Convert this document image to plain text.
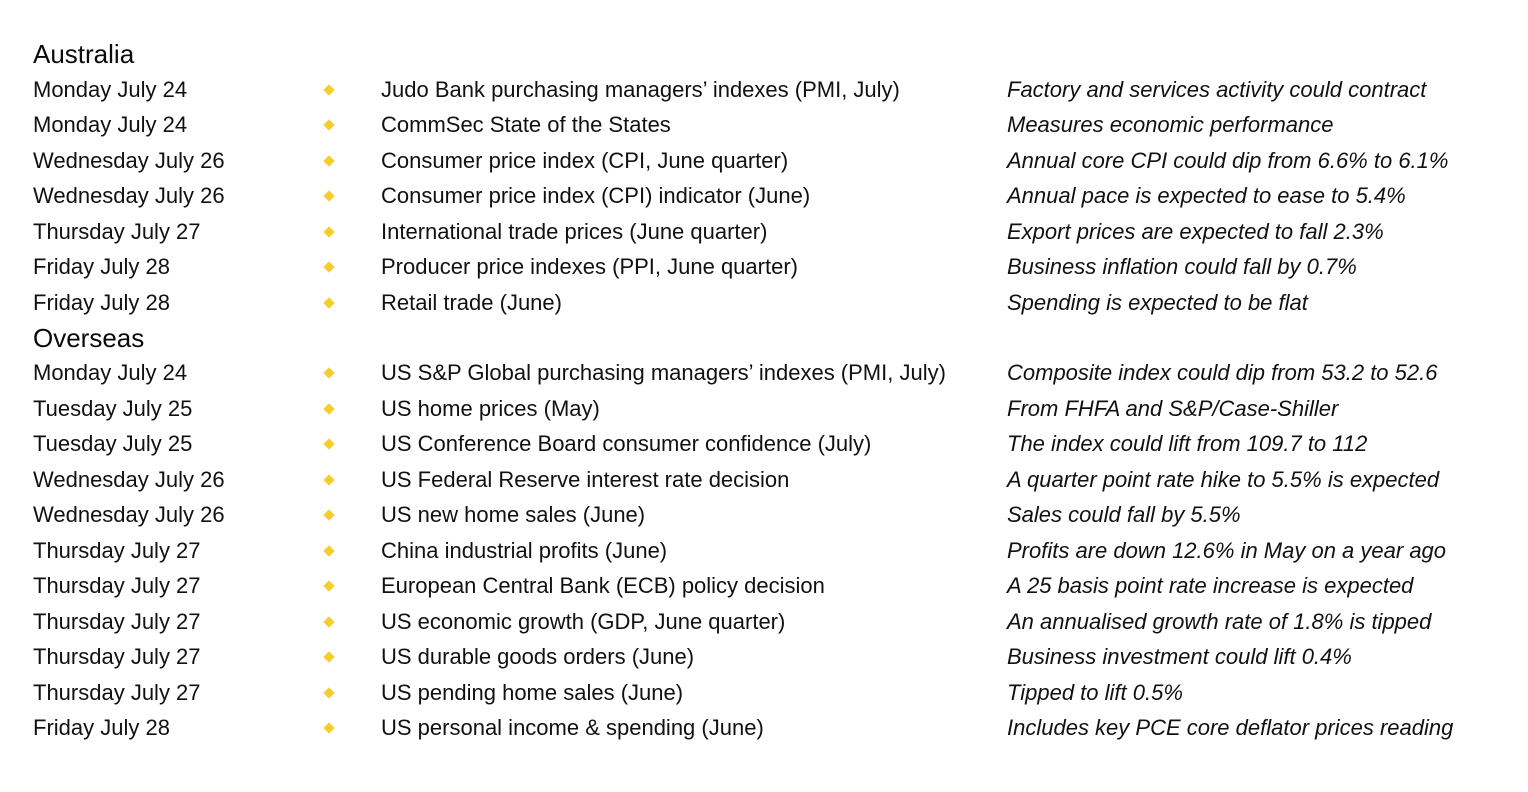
Australia
Monday July 24	Judo Bank purchasing managers’ indexes (PMI, July)	Factory and services activity could contract
Monday July 24	CommSec State of the States	Measures economic performance
Wednesday July 26	Consumer price index (CPI, June quarter)	Annual core CPI could dip from 6.6% to 6.1%
Wednesday July 26	Consumer price index (CPI) indicator (June)	Annual pace is expected to ease to 5.4%
Thursday July 27	International trade prices (June quarter)	Export prices are expected to fall 2.3%
Friday July 28	Producer price indexes (PPI, June quarter)	Business inflation could fall by 0.7%
Friday July 28	Retail trade (June)	Spending is expected to be flat
Overseas
Monday July 24	US S&P Global purchasing managers’ indexes (PMI, July)	Composite index could dip from 53.2 to 52.6
Tuesday July 25	US home prices (May)	From FHFA and S&P/Case-Shiller
Tuesday July 25	US Conference Board consumer confidence (July)	The index could lift from 109.7 to 112
Wednesday July 26	US Federal Reserve interest rate decision	A quarter point rate hike to 5.5% is expected
Wednesday July 26	US new home sales (June)	Sales could fall by 5.5%
Thursday July 27	China industrial profits (June)	Profits are down 12.6% in May on a year ago
Thursday July 27	European Central Bank (ECB) policy decision	A 25 basis point rate increase is expected
Thursday July 27	US economic growth (GDP, June quarter)	An annualised growth rate of 1.8% is tipped
Thursday July 27	US durable goods orders (June)	Business investment could lift 0.4%
Thursday July 27	US pending home sales (June)	Tipped to lift 0.5%
Friday July 28	US personal income & spending (June)	Includes key PCE core deflator prices reading
